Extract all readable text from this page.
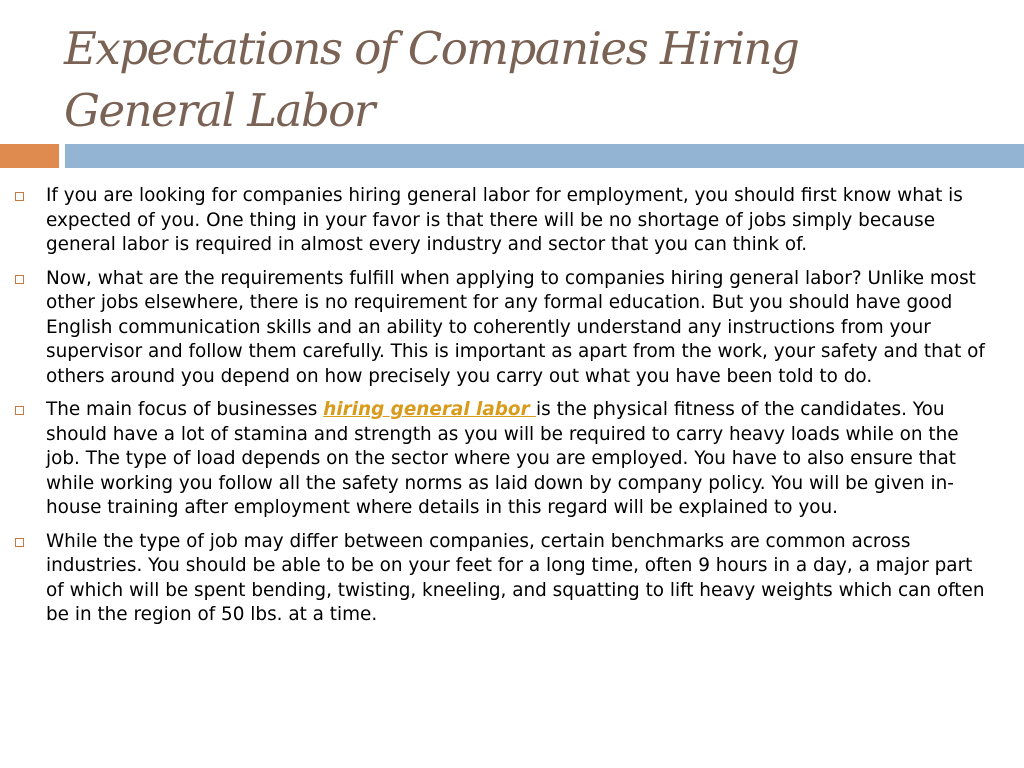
Expectations of Companies Hiring
General Labor
If you are looking for companies hiring general labor for employment, you should first know what is expected of you. One thing in your favor is that there will be no shortage of jobs simply because general labor is required in almost every industry and sector that you can think of.
Now, what are the requirements fulfill when applying to companies hiring general labor? Unlike most other jobs elsewhere, there is no requirement for any formal education. But you should have good English communication skills and an ability to coherently understand any instructions from your supervisor and follow them carefully. This is important as apart from the work, your safety and that of others around you depend on how precisely you carry out what you have been told to do.
The main focus of businesses hiring general labor is the physical fitness of the candidates. You should have a lot of stamina and strength as you will be required to carry heavy loads while on the job. The type of load depends on the sector where you are employed. You have to also ensure that while working you follow all the safety norms as laid down by company policy. You will be given in-house training after employment where details in this regard will be explained to you.
While the type of job may differ between companies, certain benchmarks are common across industries. You should be able to be on your feet for a long time, often 9 hours in a day, a major part of which will be spent bending, twisting, kneeling, and squatting to lift heavy weights which can often be in the region of 50 lbs. at a time.
